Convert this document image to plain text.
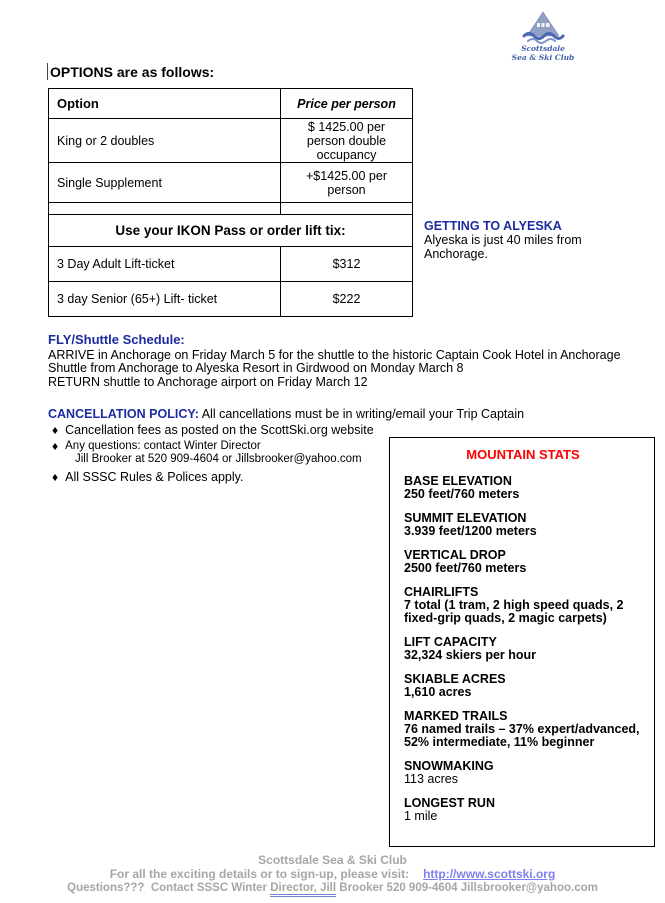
Scottsdale
Sea & Ski Club
OPTIONS are as follows:
Option	Price per person
King or 2 doubles	$ 1425.00 per person double occupancy
Single Supplement	+$1425.00 per person

Use your IKON Pass or order lift tix:	
3 Day Adult Lift-ticket	$312
3 day Senior (65+) Lift- ticket	$222
GETTING TO ALYESKA
Alyeska is just 40 miles from Anchorage.
FLY/Shuttle Schedule:
ARRIVE in Anchorage on Friday March 5 for the shuttle to the historic Captain Cook Hotel in Anchorage
Shuttle from Anchorage to Alyeska Resort in Girdwood on Monday March 8
RETURN shuttle to Anchorage airport on Friday March 12
CANCELLATION POLICY: All cancellations must be in writing/email your Trip Captain
♦ Cancellation fees as posted on the ScottSki.org website
♦ Any questions: contact Winter Director
Jill Brooker at 520 909-4604 or Jillsbrooker@yahoo.com
♦ All SSSC Rules & Polices apply.
MOUNTAIN STATS
BASE ELEVATION
250 feet/760 meters
SUMMIT ELEVATION
3.939 feet/1200 meters
VERTICAL DROP
2500 feet/760 meters
CHAIRLIFTS
7 total (1 tram, 2 high speed quads, 2 fixed-grip quads, 2 magic carpets)
LIFT CAPACITY
32,324 skiers per hour
SKIABLE ACRES
1,610 acres
MARKED TRAILS
76 named trails – 37% expert/advanced, 52% intermediate, 11% beginner
SNOWMAKING
113 acres
LONGEST RUN
1 mile
Scottsdale Sea & Ski Club
For all the exciting details or to sign-up, please visit: http://www.scottski.org
Questions???  Contact SSSC Winter Director, Jill Brooker 520 909-4604 Jillsbrooker@yahoo.com
